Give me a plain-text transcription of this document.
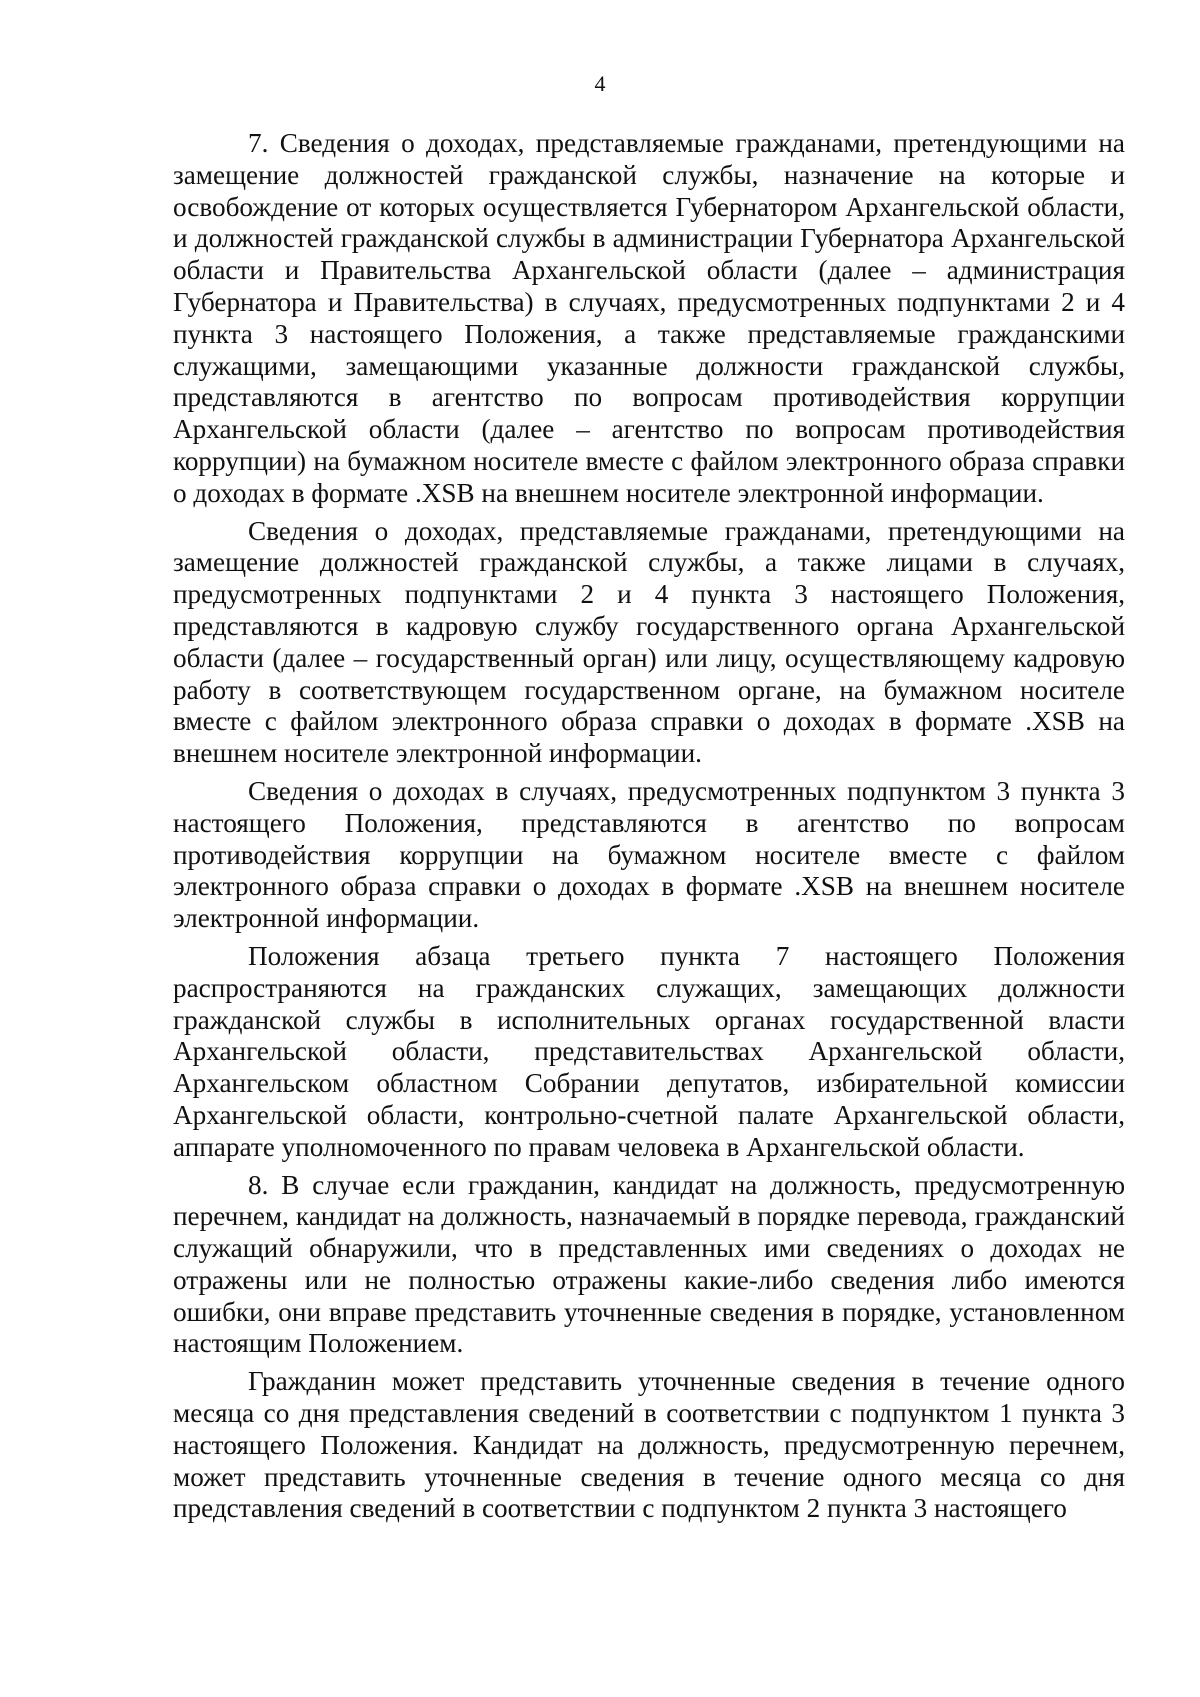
4

7. Сведения о доходах, представляемые гражданами, претендующими на замещение должностей гражданской службы, назначение на которые и освобождение от которых осуществляется Губернатором Архангельской области, и должностей гражданской службы в администрации Губернатора Архангельской области и Правительства Архангельской области (далее – администрация Губернатора и Правительства) в случаях, предусмотренных подпунктами 2 и 4 пункта 3 настоящего Положения, а также представляемые гражданскими служащими, замещающими указанные должности гражданской службы, представляются в агентство по вопросам противодействия коррупции Архангельской области (далее – агентство по вопросам противодействия коррупции) на бумажном носителе вместе с файлом электронного образа справки о доходах в формате .XSB на внешнем носителе электронной информации.

Сведения о доходах, представляемые гражданами, претендующими на замещение должностей гражданской службы, а также лицами в случаях, предусмотренных подпунктами 2 и 4 пункта 3 настоящего Положения, представляются в кадровую службу государственного органа Архангельской области (далее – государственный орган) или лицу, осуществляющему кадровую работу в соответствующем государственном органе, на бумажном носителе вместе с файлом электронного образа справки о доходах в формате .XSB на внешнем носителе электронной информации.

Сведения о доходах в случаях, предусмотренных подпунктом 3 пункта 3 настоящего Положения, представляются в агентство по вопросам противодействия коррупции на бумажном носителе вместе с файлом электронного образа справки о доходах в формате .XSB на внешнем носителе электронной информации.

Положения абзаца третьего пункта 7 настоящего Положения распространяются на гражданских служащих, замещающих должности гражданской службы в исполнительных органах государственной власти Архангельской области, представительствах Архангельской области, Архангельском областном Собрании депутатов, избирательной комиссии Архангельской области, контрольно-счетной палате Архангельской области, аппарате уполномоченного по правам человека в Архангельской области.

8. В случае если гражданин, кандидат на должность, предусмотренную перечнем, кандидат на должность, назначаемый в порядке перевода, гражданский служащий обнаружили, что в представленных ими сведениях о доходах не отражены или не полностью отражены какие-либо сведения либо имеются ошибки, они вправе представить уточненные сведения в порядке, установленном настоящим Положением.

Гражданин может представить уточненные сведения в течение одного месяца со дня представления сведений в соответствии с подпунктом 1 пункта 3 настоящего Положения. Кандидат на должность, предусмотренную перечнем, может представить уточненные сведения в течение одного месяца со дня представления сведений в соответствии с подпунктом 2 пункта 3 настоящего
